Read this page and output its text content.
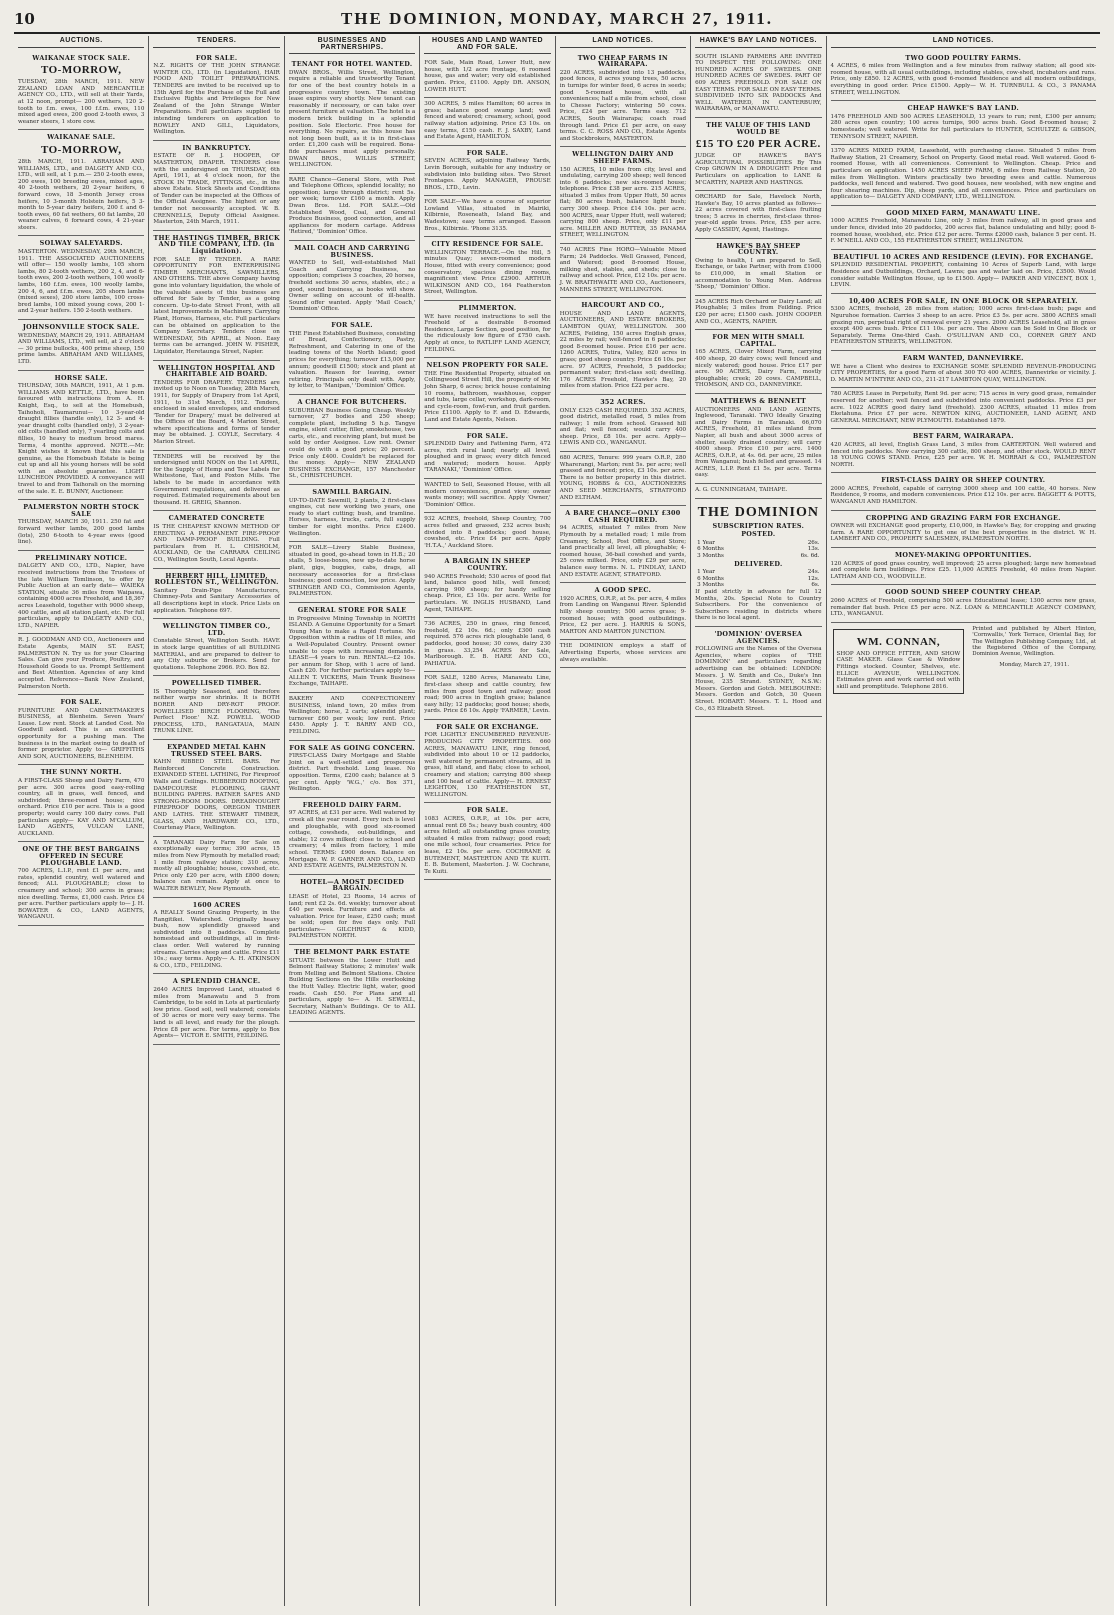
10	THE DOMINION, MONDAY, MARCH 27, 1911.
AUCTIONS.
WAIKANAE STOCK SALE.
TO-MORROW,
TUESDAY, 28th MARCH, 1911. NEW ZEALAND LOAN AND MERCANTILE AGENCY CO., LTD., will sell at their Yards, at 12 noon, prompt— 200 wethers, 120 2-tooth to f.m. ewes, 100 f.f.m. ewes, 110 mixed aged ewes, 200 good 2-tooth ewes, 3 weaner steers, 1 store cow.
WAIKANAE SALE.
TO-MORROW,
28th MARCH, 1911. ABRAHAM AND WILLIAMS, LTD., and DALGETY AND CO., LTD., will sell, at 1 p.m.— 250 2-tooth ewes, 200 ewes, 100 breeding ewes, mixed ages, 40 2-tooth wethers, 20 2-year heifers, 6 forward cows, 18 3-month Jersey cross heifers, 10 3-month Holstein heifers, 5 3-month to 5-year dairy heifers, 200 f. and 6-tooth ewes, 60 fat wethers, 60 fat lambs, 20 weaner calves, 6 forward cows, 4 21-year steers.
SOLWAY SALEYARDS.
MASTERTON. WEDNESDAY, 29th MARCH, 1911. THE ASSOCIATED AUCTIONEERS will offer— 150 woolly lambs, 105 shorn lambs, 80 2-tooth wethers, 200 2, 4, and 6-tooth ewes, 200 2-tooth wethers, 100 woolly lambs, 160 f.f.m. ewes, 100 woolly lambs, 200 4, 6, and f.f.m. ewes, 205 shorn lambs (mixed sexes), 200 store lambs, 100 cross-bred lambs, 100 mixed young cows, 200 1- and 2-year heifers. 150 2-tooth wethers.
JOHNSONVILLE STOCK SALE.
WEDNESDAY, MARCH 29, 1911. ABRAHAM AND WILLIAMS, LTD., will sell, at 2 o'clock— 30 prime bullocks, 400 prime sheep, 150 prime lambs. ABRAHAM AND WILLIAMS, LTD.
HORSE SALE.
THURSDAY, 30th MARCH, 1911, At 1 p.m. WILLIAMS AND KETTLE, LTD., have been favoured with instructions from A. H. Knight, Esq., to sell at the Homebush, Taihoholi, Taumarunui— 10 3-year-old draught fillies (handle only), 12 3- and 4-year draught colts (handled only), 3 2-year-old colts (handled only), 7 yearling colts and fillies, 10 heavy to medium brood mares. Terms, 4 months approved. NOTE.—Mr. Knight wishes it known that this sale is genuine, as the Homebush Estate is being cut up and all his young horses will be sold with an absolute guarantee. LIGHT LUNCHEON PROVIDED. A conveyance will travel to and from Taihorali on the morning of the sale. E. E. BUNNY, Auctioneer.
PALMERSTON NORTH STOCK SALE
THURSDAY, MARCH 30, 1911. 250 fat and forward wether lambs, 200 good lambs (lots), 250 6-tooth to 4-year ewes (good line).
PRELIMINARY NOTICE.
DALGETY AND CO., LTD., Napier, have received instructions from the Trustees of the late William Tomlinson, to offer by Public Auction at an early date— WAIEKA STATION, situate 36 miles from Waipawa, containing 4000 acres Freehold, and 18,367 acres Leasehold, together with 9000 sheep, 400 cattle, and all station plant, etc. For full particulars, apply to DALGETY AND CO., LTD., NAPIER.
R. J. GOODMAN AND CO., Auctioneers and Estate Agents, MAIN ST. EAST, PALMERSTON N. Try us for your Clearing Sales. Can give your Produce, Poultry, and Household Goods to us. Prompt Settlement and Best Attention. Agencies of any kind accepted. Reference—Bank New Zealand, Palmerston North.
FOR SALE.
FURNITURE AND CABINETMAKER'S BUSINESS, at Blenheim. Seven Years' Lease. Low rent. Stock at Landed Cost. No Goodwill asked. This is an excellent opportunity for a pushing man. The business is in the market owing to death of former proprietor. Apply to— GRIFFITHS AND SON, AUCTIONEERS, BLENHEIM.
THE SUNNY NORTH.
A FIRST-CLASS Sheep and Dairy Farm, 470 per acre. 300 acres good easy-rolling country, all in grass, well fenced, and subdivided; three-roomed house; nice orchard. Price £10 per acre. This is a good property; would carry 100 dairy cows. Full particulars apply— KAY AND M'CALLUM, LAND AGENTS, VULCAN LANE, AUCKLAND.
ONE OF THE BEST BARGAINS OFFERED IN SECURE PLOUGHABLE LAND.
700 ACRES, L.I.P., rent £1 per acre, and rates, splendid country, well watered and fenced; ALL PLOUGHABLE; close to creamery and school; 300 acres in grass; nice dwelling. Terms, £1,000 cash. Price £4 per acre. Further particulars apply to— J. H. BOWATER & CO., LAND AGENTS, WANGANUI.
TENDERS.
FOR SALE.
N.Z. RIGHTS OF THE JOHN STRANGE WINTER CO., LTD. (in Liquidation), HAIR FOOD AND TOILET PREPARATIONS. TENDERS are invited to be received up to 15th April for the Purchase of the Full and Exclusive Rights and Privileges for New Zealand of the John Strange Winter Preparations. Full particulars supplied to intending tenderers on application to ROWLEY AND GILL, Liquidators, Wellington.
IN BANKRUPTCY.
ESTATE OF R. J. HOOPER, OF MASTERTON, DRAPER. TENDERS close with the undersigned on THURSDAY, 6th April, 1911, at 4 o'clock noon, for the STOCK IN TRADE, FITTINGS, etc., in the above Estate. Stock Sheets and Conditions of Tender can be inspected at the Offices of the Official Assignee. The highest or any tender not necessarily accepted. W. B. CRENNELLS, Deputy Official Assignee. Masterton, 24th March, 1911.
THE HASTINGS TIMBER, BRICK AND TILE COMPANY, LTD. (In Liquidation).
FOR SALE BY TENDER. A RARE OPPORTUNITY FOR ENTERPRISING TIMBER MERCHANTS, SAWMILLERS, AND OTHERS. THE above Company having gone into voluntary liquidation, the whole of the valuable assets of this business are offered for Sale by Tender, as a going concern. Up-to-date Street Front, with all latest Improvements in Machinery. Carrying Plant, Horses, Harness, etc. Full particulars can be obtained on application to the Company Secretary. Tenders close on WEDNESDAY, 5th APRIL, at Noon. Easy terms can be arranged. JOHN W. FISHER, Liquidator, Heretaunga Street, Napier.
WELLINGTON HOSPITAL AND CHARITABLE AID BOARD.
TENDERS FOR DRAPERY. TENDERS are invited up to Noon on Tuesday, 28th March, 1911, for Supply of Drapery from 1st April, 1911, to 31st March, 1912. Tenders, enclosed in sealed envelopes, and endorsed 'Tender for Drapery,' must be delivered at the Offices of the Board, 4 Marion Street, where specifications and forms of tender may be obtained. J. COYLE, Secretary. 4 Marion Street.
TENDERS will be received by the undersigned until NOON on the 1st APRIL, for the Supply of Hemp and Tow Labels for Whitestone, Tasi, and Foxton Mills. The labels to be made in accordance with Government regulations, and delivered as required. Estimated requirements about ten thousand. H. GREIG, Shannon.
CAMERATED CONCRETE
IS THE CHEAPEST KNOWN METHOD OF ERECTING A PERMANENT FIRE-PROOF AND DAMP-PROOF BUILDING. Full particulars from H. L. CHISHOLM, AUCKLAND, Or the CARRARA CEILING CO., Wellington South, Local Agents.
HERBERT HILL, LIMITED, ROLLESTON ST., WELLINGTON.
Sanitary Drain-Pipe Manufacturers, Chimney-Pots and Sanitary Accessories of all descriptions kept in stock. Price Lists on application. Telephone 697.
WELLINGTON TIMBER CO., LTD.
Constable Street, Wellington South. HAVE in stock large quantities of all BUILDING MATERIAL, and are prepared to deliver to any City suburbs or Brokers. Send for quotations. Telephone 2966. P.O. Box 82.
POWELLISED TIMBER.
IS Thoroughly Seasoned, and therefore neither warps nor shrinks. It is BOTH BORER AND DRY-ROT PROOF. POWELLISED BIRCH FLOORING, 'The Perfect Floor.' N.Z. POWELL WOOD PROCESS, LTD., RANGATAUA, MAIN TRUNK LINE.
EXPANDED METAL KAHN TRUSSED STEEL BARS.
KAHN RIBBED STEEL BARS. For Reinforced Concrete Construction. EXPANDED STEEL LATHING, For Fireproof Walls and Ceilings. RUBBEROID ROOFING, DAMPCOURSE FLOORING, GIANT BUILDING PAPERS. RATNER SAFES AND STRONG-ROOM DOORS. DREADNOUGHT FIREPROOF DOORS, OREGON TIMBER AND LATHS. THE STEWART TIMBER, GLASS, AND HARDWARE CO., LTD., Courtenay Place, Wellington.
A TARANAKI Dairy Farm for Sale on exceptionally easy terms; 390 acres, 15 miles from New Plymouth by metalled road; 1 mile from railway station; 310 acres, mostly all ploughable; house, cowshed, etc. Price only £20 per acre, with £800 down; balance can remain. Apply at once to WALTER BEWLEY, New Plymouth.
1600 ACRES
A REALLY Sound Grazing Property, in the Rangitikei. Watershed. Originally heavy bush, now splendidly grassed and subdivided into 8 paddocks. Complete homestead and outbuildings, all in first-class order. Well watered by running streams. Carries sheep and cattle. Price £11 10s.; easy terms. Apply— A. H. ATKINSON & CO., LTD., FEILDING.
A SPLENDID CHANCE.
2640 ACRES Improved Land, situated 6 miles from Manawatu and 5 from Cambridge, to be sold in Lots at particularly low price. Good soil, well watered; consists of 30 acres or more very easy terms. The land is all level, and ready for the plough. Price £8 per acre. For terms, apply to Box Agents— VICTOR E. SMITH, FEILDING.
BUSINESSES AND PARTNERSHIPS.
TENANT FOR HOTEL WANTED.
DWAN BROS., Willis Street, Wellington, require a reliable and trustworthy Tenant for one of the best country hotels in a progressive country town. The existing lease expires very shortly. New tenant can reasonably if necessary, or can take over present furniture at valuation. The hotel is a modern brick building in a splendid position. Sole Electoric. Free house for everything. No repairs, as this house has not long been built, as it is in first-class order. £1,200 cash will be required. Bona-fide purchasers must apply personally. DWAN BROS., WILLIS STREET, WELLINGTON.
RARE Chance—General Store, with Post and Telephone Offices, splendid locality; no opposition; large through district; rent 5s. per week; turnover £160 a month. Apply Dwan Bros. Ltd. FOR SALE.—Old Established Wood, Coal, and General Produce Business, good connection, and all appliances for modern cartage. Address 'Retired,' 'Dominion' Office.
MAIL COACH AND CARRYING BUSINESS.
WANTED to Sell, well-established Mail Coach and Carrying Business, no opposition; comprises 3 coaches, 20 horses, freehold sections 30 acres, stables, etc.; a good, sound business, as books will show. Owner selling on account of ill-health. Sound offer wanted. Apply 'Mail Coach,' 'Dominion' Office.
FOR SALE.
THE Finest Established Business, consisting of Bread, Confectionery, Pastry, Refreshment, and Catering in one of the leading towns of the North Island; good prices for everything; turnover £13,000 per annum; goodwill £1500; stock and plant at valuation. Reason for leaving, owner retiring. Principals only dealt with. Apply, by letter, to 'Manipan,' 'Dominion' Office.
A CHANCE FOR BUTCHERS.
SUBURBAN Business Going Cheap. Weekly turnover, 27 bodies and 250 sheep; complete plant, including 5 h.p. Tangye engine, silent cutter, filler, smokehouse, two carts, etc., and receiving plant, but must be sold by order Assignee. Low rent. Owner could do with a good price; 20 percent. Price only £400. Couldn't be replaced for the money. Apply— NEW ZEALAND BUSINESS EXCHANGE, 157 Manchester St., CHRISTCHURCH.
SAWMILL BARGAIN.
UP-TO-DATE Sawmill, 2 plants, 2 first-class engines, cut new working two years, one ready to start cutting; bush, and tramline. Horses, harness, trucks, carts, full supply timber for eight months. Price £2400. Wellington.
FOR SALE—Livery Stable Business, situated in good, go-ahead town in H.B.; 20 stalls, 5 loose-boxes, new up-to-date horse plant, gigs, buggies, cabs, drags, all necessary accessories for a first-class business; good connection, low price. Apply STRINGER AND CO., Commission Agents, PALMERSTON.
GENERAL STORE FOR SALE
in Progressive Mining Township in NORTH ISLAND. A Genuine Opportunity for a Smart Young Man to make a Rapid Fortune. No Opposition within a radius of 18 miles, and a Well-Populated Country. Present owner unable to cope with increasing demands. LEASE—4 years to run. RENTAL—£2 10s. per annum for Shop, with 1 acre of land. Cash £20. For further particulars apply to— ALLEN T. VICKERS, Main Trunk Business Exchange, TAIHAPE.
BAKERY AND CONFECTIONERY BUSINESS, inland town, 20 miles from Wellington; horse, 2 carts; splendid plant; turnover £60 per week; low rent. Price £450. Apply J. T. BARRY AND CO., FEILDING.
FOR SALE AS GOING CONCERN.
FIRST-CLASS Dairy Mortgage and Stable Joint on a well-settled and prosperous district. Part freehold. Long lease. No opposition. Terms, £200 cash; balance at 5 per cent. Apply 'W.G.,' c/o. Box 371, Wellington.
FREEHOLD DAIRY FARM.
97 ACRES, at £31 per acre. Well watered by creek all the year round. Every inch is level and ploughable, with good six-roomed cottage, cowsheds, out-buildings, and stable; 12 cows milked; close to school and creamery; 4 miles from factory, 1 mile school. TERMS: £900 down. Balance on Mortgage. W. P. GARNER AND CO., LAND AND ESTATE AGENTS, PALMERSTON N.
HOTEL—A MOST DECIDED BARGAIN.
LEASE of Hotel, 23 Rooms, 14 acres of land; rent £2 2s. 6d. weekly; turnover about £40 per week. Furniture and effects at valuation. Price for lease, £250 cash; must be sold; open for five days only. Full particulars— GILCHRIST & KIDD, PALMERSTON NORTH.
THE BELMONT PARK ESTATE
SITUATE between the Lower Hutt and Belmont Railway Stations; 2 minutes' walk from Melling and Belmont Stations. Choice Building Sections on the Hills overlooking the Hutt Valley. Electric light, water, good roads. Cash £50. For Plans and all particulars, apply to— A. H. SEWELL, Secretary, Nathan's Buildings. Or to ALL LEADING AGENTS.
HOUSES AND LAND WANTED AND FOR SALE.
FOR Sale, Main Road, Lower Hutt, new house, with 1/2 acre frontage, 6 roomed house, gas and water; very old established garden. Price, £1100. Apply DR. ANSON, LOWER HUTT.
300 ACRES, 5 miles Hamilton; 60 acres in grass; balance good swamp land; well fenced and watered; creamery, school, good railway station adjoining. Price £3 10s. on easy terms, £150 cash. F. J. SAXBY, Land and Estate Agent, HAMILTON.
FOR SALE.
SEVEN ACRES, adjoining Railway Yards, Levin Borough, suitable for any industry or subdivision into building sites. Two Street Frontages. Apply MANAGER, PROUSE BROS., LTD., Levin.
FOR SALE—We have a course of superior Lowland Villas, situated in Mairiki, Kilbirnie, Roseneath, Island Bay, and Wadestown; easy terms arranged. Easson Bros., Kilbirnie. 'Phone 3135.
CITY RESIDENCE FOR SALE.
WELLINGTON TERRACE.—On the Hill, 5 minutes Quay; seven-roomed modern House, fitted with every convenience; good conservatory, spacious dining rooms, magnificent view. Price £2900. ARTHUR WILKINSON AND CO., 164 Featherston Street, Wellington.
PLIMMERTON.
WE have received instructions to sell the Freehold of a desirable 8-roomed Residence, Large Section, good position, for the ridiculously low figure of £750 cash. Apply at once, to RATLIFF LAND AGENCY, FEILDING.
NELSON PROPERTY FOR SALE.
THE Fine Residential Property, situated on Collingwood Street Hill, the property of Mr. John Sharp, 6 acres; brick house containing 10 rooms, bathroom, washhouse, copper and tubs, large cellar, workshop, dark-room, and cycle-room, fowl-run, and fruit garden. Price £1100. Apply to F. and D. Edwards, Land and Estate Agents, Nelson.
FOR SALE.
SPLENDID Dairy and Fattening Farm, 472 acres, rich rural land; nearly all level, ploughed and in grass; every ditch fenced and watered; modern house. Apply 'TARANAKI,' 'Dominion' Office.
WANTED to Sell, Seasoned House, with all modern conveniences, grand view; owner wants money; will sacrifice. Apply 'Owner,' 'Dominion' Office.
932 ACRES, freehold, Sheep Country, 700 acres felled and grassed, 232 acres bush; divided into 8 paddocks; good house, cowshed, etc. Price £4 per acre. Apply 'H.T.A.,' Auckland Store.
A BARGAIN IN SHEEP COUNTRY.
940 ACRES Freehold; 530 acres of good flat land, balance good hills, well fenced; carrying 900 sheep; for handy selling cheap. Price, £3 10s. per acre. Write for particulars. W. INGLIS HUSBAND, Land Agent, TAIHAPE.
736 ACRES, 250 in grass, ring fenced, freehold, £2 10s. 6d.; only £300 cash required. 576 acres rich ploughable land, 6 paddocks, good house; 30 cows, dairy 230 in grass. 33,254 ACRES for Sale, Marlborough. E. B. HARE AND CO., PAHIATUA.
FOR SALE, 1280 Acres, Manawatu Line, first-class sheep and cattle country, few miles from good town and railway; good road; 900 acres in English grass; balance easy hilly; 12 paddocks; good house; sheds, yards. Price £6 10s. Apply 'FARMER,' Levin.
FOR SALE OR EXCHANGE.
FOR LIGHTLY ENCUMBERED REVENUE-PRODUCING CITY PROPERTIES. 660 ACRES, MANAWATU LINE, ring fenced, subdivided into about 10 or 12 paddocks, well watered by permanent streams, all in grass, hill stand, and flats; close to school, creamery and station; carrying 800 sheep and 100 head of cattle. Apply— H. ERNEST LEIGHTON, 130 FEATHERSTON ST., WELLINGTON.
FOR SALE.
1083 ACRES, O.R.P., at 10s. per acre, annual rent £6 5s.; heavy bush country, 400 acres felled; all outstanding grass country, situated 4 miles from railway; good road; one mile school, four creameries. Price for lease, £2 10s. per acre. COCHRANE & BUTEMENT, MASTERTON AND TE KUITI. E. B. Butement, Masterton. J. W. Cochrane, Te Kuiti.
LAND NOTICES.
TWO CHEAP FARMS IN WAIRARAPA.
220 ACRES, subdivided into 13 paddocks, good fences, 8 acres young trees, 50 acres in turnips for winter feed, 6 acres in seeds; good 5-roomed house, with all conveniences; half a mile from school, close to Chesse Factory; wintering 50 cows. Price, £24 per acre. Terms easy. 712 ACRES, South Wairarapa; coach road through land. Price £1 per acre, on easy terms. C. C. ROSS AND CO., Estate Agents and Stockbrokers, MASTERTON.
WELLINGTON DAIRY AND SHEEP FARMS.
150 ACRES, 10 miles from city, level and undulating, carrying 200 sheep; well fenced into 6 paddocks; new six-roomed house; telephone. Price £38 per acre. 215 ACRES, situated 3 miles from Upper Hutt, 50 acres flat; 80 acres bush, balance light bush; carry 300 sheep. Price £14 10s. per acre. 500 ACRES, near Upper Hutt, well watered; carrying 800 sheep. Price, only £11 per acre. MILLER AND RUTTER, 35 PANAMA STREET, WELLINGTON.
740 ACRES Fine HORO—Valuable Mixed Farm; 24 Paddocks. Well Grassed, Fenced, and Watered; good 8-roomed House, milking shed, stables, and sheds; close to railway and school. Price, £12 10s. per acre. J. W. BRAITHWAITE AND CO., Auctioneers, MANNERS STREET, WELLINGTON.
HARCOURT AND CO.,
HOUSE AND LAND AGENTS, AUCTIONEERS, AND ESTATE BROKERS, LAMBTON QUAY, WELLINGTON. 300 ACRES, Feilding, 150 acres English grass, 22 miles by rail; well-fenced in 6 paddocks; good 8-roomed house. Price £16 per acre. 1260 ACRES, Tutira, Valley, 820 acres in grass; good sheep country. Price £6 10s. per acre. 97 ACRES, Freehold, 5 paddocks; permanent water; first-class soil; dwelling. 176 ACRES Freehold, Hawke's Bay, 20 miles from station. Price £22 per acre.
352 ACRES.
ONLY £325 CASH REQUIRED. 352 ACRES, good district, metalled road, 5 miles from railway; 1 mile from school. Grassed hill and flat; well fenced; would carry 400 sheep. Price, £8 10s. per acre. Apply— LEWIS AND CO., WANGANUI.
680 ACRES, Tenure: 999 years O.R.P., 280 Wharerangi, Marton; rent 5s. per acre; well grassed and fenced; price, £3 10s. per acre. There is no better property in this district. YOUNG, HOBBS & CO., AUCTIONEERS AND SEED MERCHANTS, STRATFORD AND ELTHAM.
A BARE CHANCE—ONLY £300 CASH REQUIRED.
94 ACRES, situated 7 miles from New Plymouth by a metalled road; 1 mile from Creamery, School, Post Office, and Store; land practically all level, all ploughable; 4-roomed house, 36-bail cowshed and yards, 25 cows milked. Price, only £29 per acre, balance easy terms. N. L. FINDLAY, LAND AND ESTATE AGENT, STRATFORD.
A GOOD SPEC.
1920 ACRES, O.R.P., at 5s. per acre, 4 miles from Landing on Wanganui River. Splendid hilly sheep country; 500 acres grass; 9-roomed house; with good outbuildings. Price, £2 per acre. J. HARRIS & SONS, MARTON AND MARTON JUNCTION.
THE DOMINION employs a staff of Advertising Experts, whose services are always available.
HAWKE'S BAY LAND NOTICES.
SOUTH ISLAND FARMERS ARE INVITED TO INSPECT THE FOLLOWING: ONE HUNDRED ACRES OF SWEDES. ONE HUNDRED ACRES OF SWEDES. PART OF 609 ACRES FREEHOLD. FOR SALE ON EASY TERMS. FOR SALE ON EASY TERMS. SUBDIVIDED INTO SIX PADDOCKS And WELL WATERED, IN CANTERBURY, WAIRARAPA, or MANAWATU.
THE VALUE OF THIS LAND WOULD BE
£15 TO £20 PER ACRE.
JUDGE OF HAWKE'S BAY'S AGRICULTURAL POSSIBILITIES By This Crop GROWN IN A DROUGHT! Price and Particulars on application to LANE & M'CARTHY, NAPIER AND HASTINGS.
ORCHARD for Sale, Havelock North, Hawke's Bay, 10 acres planted as follows—22 acres covered with first-class fruiting trees; 5 acres in cherries, first-class three-year-old apple trees. Price, £55 per acre. Apply CASSIDY, Agent, Hastings.
HAWKE'S BAY SHEEP COUNTRY.
Owing to health, I am prepared to Sell, Exchange, or take Partner, with from £1000 to £10,000, in small Station or accommodation to Young Men. Address 'Sheep,' 'Dominion' Office.
245 ACRES Rich Orchard or Dairy Land; all Ploughable; 3 miles from Feilding. Price £20 per acre; £1500 cash. JOHN COOPER AND CO., AGENTS, NAPIER.
FOR MEN WITH SMALL CAPITAL.
165 ACRES, Clover Mixed Farm, carrying 400 sheep, 20 dairy cows; well fenced and nicely watered; good house. Price £17 per acre. 90 ACRES, Dairy Farm, mostly ploughable; creek; 20 cows. CAMPBELL, THOMSON, AND CO., DANNEVIRKE.
MATTHEWS & BENNETT
AUCTIONEERS AND LAND AGENTS, Inglewood, Taranaki. TWO Ideally Grazing and Dairy Farms in Taranaki. 66,070 ACRES, Freehold, 81 miles inland from Napier, all bush and about 3000 acres of shelter, easily drained country; will carry 4000 sheep. Price £10 per acre. 1400 ACRES, O.R.P., at 4s. 6d. per acre, 25 miles from Wanganui; bush felled and grassed. 14 ACRES, L.I.P. Rent £1 5s. per acre. Terms easy.
A. G. CUNNINGHAM, TAIHAPE.
THE DOMINION
SUBSCRIPTION RATES.
POSTED.
1 Year	26s.
6 Months	13s.
3 Months	6s. 6d.
DELIVERED.
1 Year	24s.
6 Months	12s.
3 Months	6s.
If paid strictly in advance for full 12 Months, 20s. Special Note to Country Subscribers. For the convenience of Subscribers residing in districts where there is no local agent.
'DOMINION' OVERSEA AGENCIES.
FOLLOWING are the Names of the Oversea Agencies, where copies of 'THE DOMINION' and particulars regarding advertising can be obtained: LONDON: Messrs. J. W. Smith and Co., Duke's Inn House, 235 Strand. SYDNEY, N.S.W.: Messrs. Gordon and Gotch. MELBOURNE: Messrs. Gordon and Gotch, 30 Queen Street. HOBART: Messrs. T. L. Hood and Co., 63 Elizabeth Street.
LAND NOTICES.
TWO GOOD POULTRY FARMS.
4 ACRES, 6 miles from Wellington and a few minutes from railway station; all good six-roomed house, with all usual outbuildings, including stables, cow-shed, incubators and runs. Price, only £850. 12 ACRES, with good 6-roomed Residence and all modern outbuildings, everything in good order. Price £1500. Apply— W. H. TURNBULL & CO., 3 PANAMA STREET, WELLINGTON.
CHEAP HAWKE'S BAY LAND.
1476 FREEHOLD AND 500 ACRES LEASEHOLD, 13 years to run; rent, £300 per annum; 280 acres open country; 100 acres turnips, 900 acres bush. Good 8-roomed house; 2 homesteads; well watered. Write for full particulars to HUNTER, SCHULTZE & GIBSON, TENNYSON STREET, NAPIER.
1370 ACRES MIXED FARM, Leasehold, with purchasing clause. Situated 5 miles from Railway Station, 21 Creamery, School on Property. Good metal road. Well watered. Good 6-roomed House, with all conveniences. Convenient to Wellington. Cheap. Price and particulars on application. 1450 ACRES SHEEP FARM, 6 miles from Railway Station, 20 miles from Wellington. Winters practically two breeding ewes and cattle. Numerous paddocks, well fenced and watered. Two good houses, new woolshed, with new engine and four shearing machines. Dip, sheep yards, and all conveniences. Price and particulars on application to— DALGETY AND COMPANY, LTD., WELLINGTON.
GOOD MIXED FARM, MANAWATU LINE.
1000 ACRES Freehold, Manawatu Line, only 3 miles from railway, all in good grass and under fence, divided into 20 paddocks, 200 acres flat, balance undulating and hilly; good 8-roomed house, woolshed, etc. Price £12 per acre. Terms £2000 cash, balance 5 per cent. H. F. M'NEILL AND CO., 155 FEATHERSTON STREET, WELLINGTON.
BEAUTIFUL 10 ACRES AND RESIDENCE (LEVIN). FOR EXCHANGE.
SPLENDID RESIDENTIAL PROPERTY, containing 10 Acres of Superb Land, with large Residence and Outbuildings, Orchard, Lawns; gas and water laid on. Price, £3500. Would consider suitable Wellington House, up to £1500. Apply— PARKER AND VINCENT, BOX 1, LEVIN.
10,400 ACRES FOR SALE, IN ONE BLOCK OR SEPARATELY.
5300 ACRES, freehold, 28 miles from station; 1000 acres first-class bush; page and Nguruhoe formation. Carries 3 sheep to an acre. Price £3 5s. per acre. 3800 ACRES small grazing run, perpetual right of renewal every 21 years. 2000 ACRES Leasehold, all in grass except 400 acres bush. Price £11 10s. per acre. The Above can be Sold in One Block or Separately. Terms One-third Cash. O'SULLIVAN AND CO., CORNER GREY AND FEATHERSTON STREETS, WELLINGTON.
FARM WANTED, DANNEVIRKE.
WE have a Client who desires to EXCHANGE SOME SPLENDID REVENUE-PRODUCING CITY PROPERTIES, for a good Farm of about 300 TO 400 ACRES, Dannevirke or vicinity. J. D. MARTIN M'INTYRE AND CO., 211-217 LAMBTON QUAY, WELLINGTON.
780 ACRES Lease in Perpetuity, Rent 9d. per acre; 715 acres in very good grass, remainder reserved for another; well fenced and subdivided into convenient paddocks. Price £3 per acre. 1022 ACRES good dairy land (freehold). 2300 ACRES, situated 11 miles from Eketahuna. Price £7 per acre. NEWTON KING, AUCTIONEER, LAND AGENT, AND GENERAL MERCHANT, NEW PLYMOUTH. Established 1879.
BEST FARM, WAIRARAPA.
420 ACRES, all level, English Grass Land, 3 miles from CARTERTON. Well watered and fenced into paddocks. Now carrying 300 cattle, 800 sheep, and other stock. WOULD RENT 18 YOUNG COWS STAND. Price, £25 per acre. W. H. MORRAH & CO., PALMERSTON NORTH.
FIRST-CLASS DAIRY OR SHEEP COUNTRY.
2000 ACRES, Freehold, capable of carrying 3000 sheep and 100 cattle, 40 horses. New Residence, 9 rooms, and modern conveniences. Price £12 10s. per acre. BAGGETT & POTTS, WANGANUI AND HAMILTON.
CROPPING AND GRAZING FARM FOR EXCHANGE.
OWNER will EXCHANGE good property, £10,000, in Hawke's Bay, for cropping and grazing farm. A RARE OPPORTUNITY to get one of the best properties in the district. W. H. LAMBERT AND CO., PROPERTY SALESMEN, PALMERSTON NORTH.
MONEY-MAKING OPPORTUNITIES.
120 ACRES of good grass country, well improved; 25 acres ploughed; large new homestead and complete farm buildings. Price £25. 11,000 ACRES Freehold, 40 miles from Napier. LATHAM AND CO., WOODVILLE.
GOOD SOUND SHEEP COUNTRY CHEAP.
2060 ACRES of Freehold, comprising 500 acres Educational lease; 1300 acres new grass, remainder flat bush. Price £5 per acre. N.Z. LOAN & MERCANTILE AGENCY COMPANY, LTD., WANGANUI.
WM. CONNAN,
SHOP AND OFFICE FITTER, AND SHOW CASE MAKER. Glass Case & Window Fittings stocked. Counter, Shelves, etc. ELLICE AVENUE, WELLINGTON. Estimates given and work carried out with skill and promptitude. Telephone 2816.
Printed and published by Albert Hinton, 'Cornwallis,' York Terrace, Oriental Bay, for The Wellington Publishing Company, Ltd., at the Registered Office of the Company, Dominion Avenue, Wellington.
Monday, March 27, 1911.
